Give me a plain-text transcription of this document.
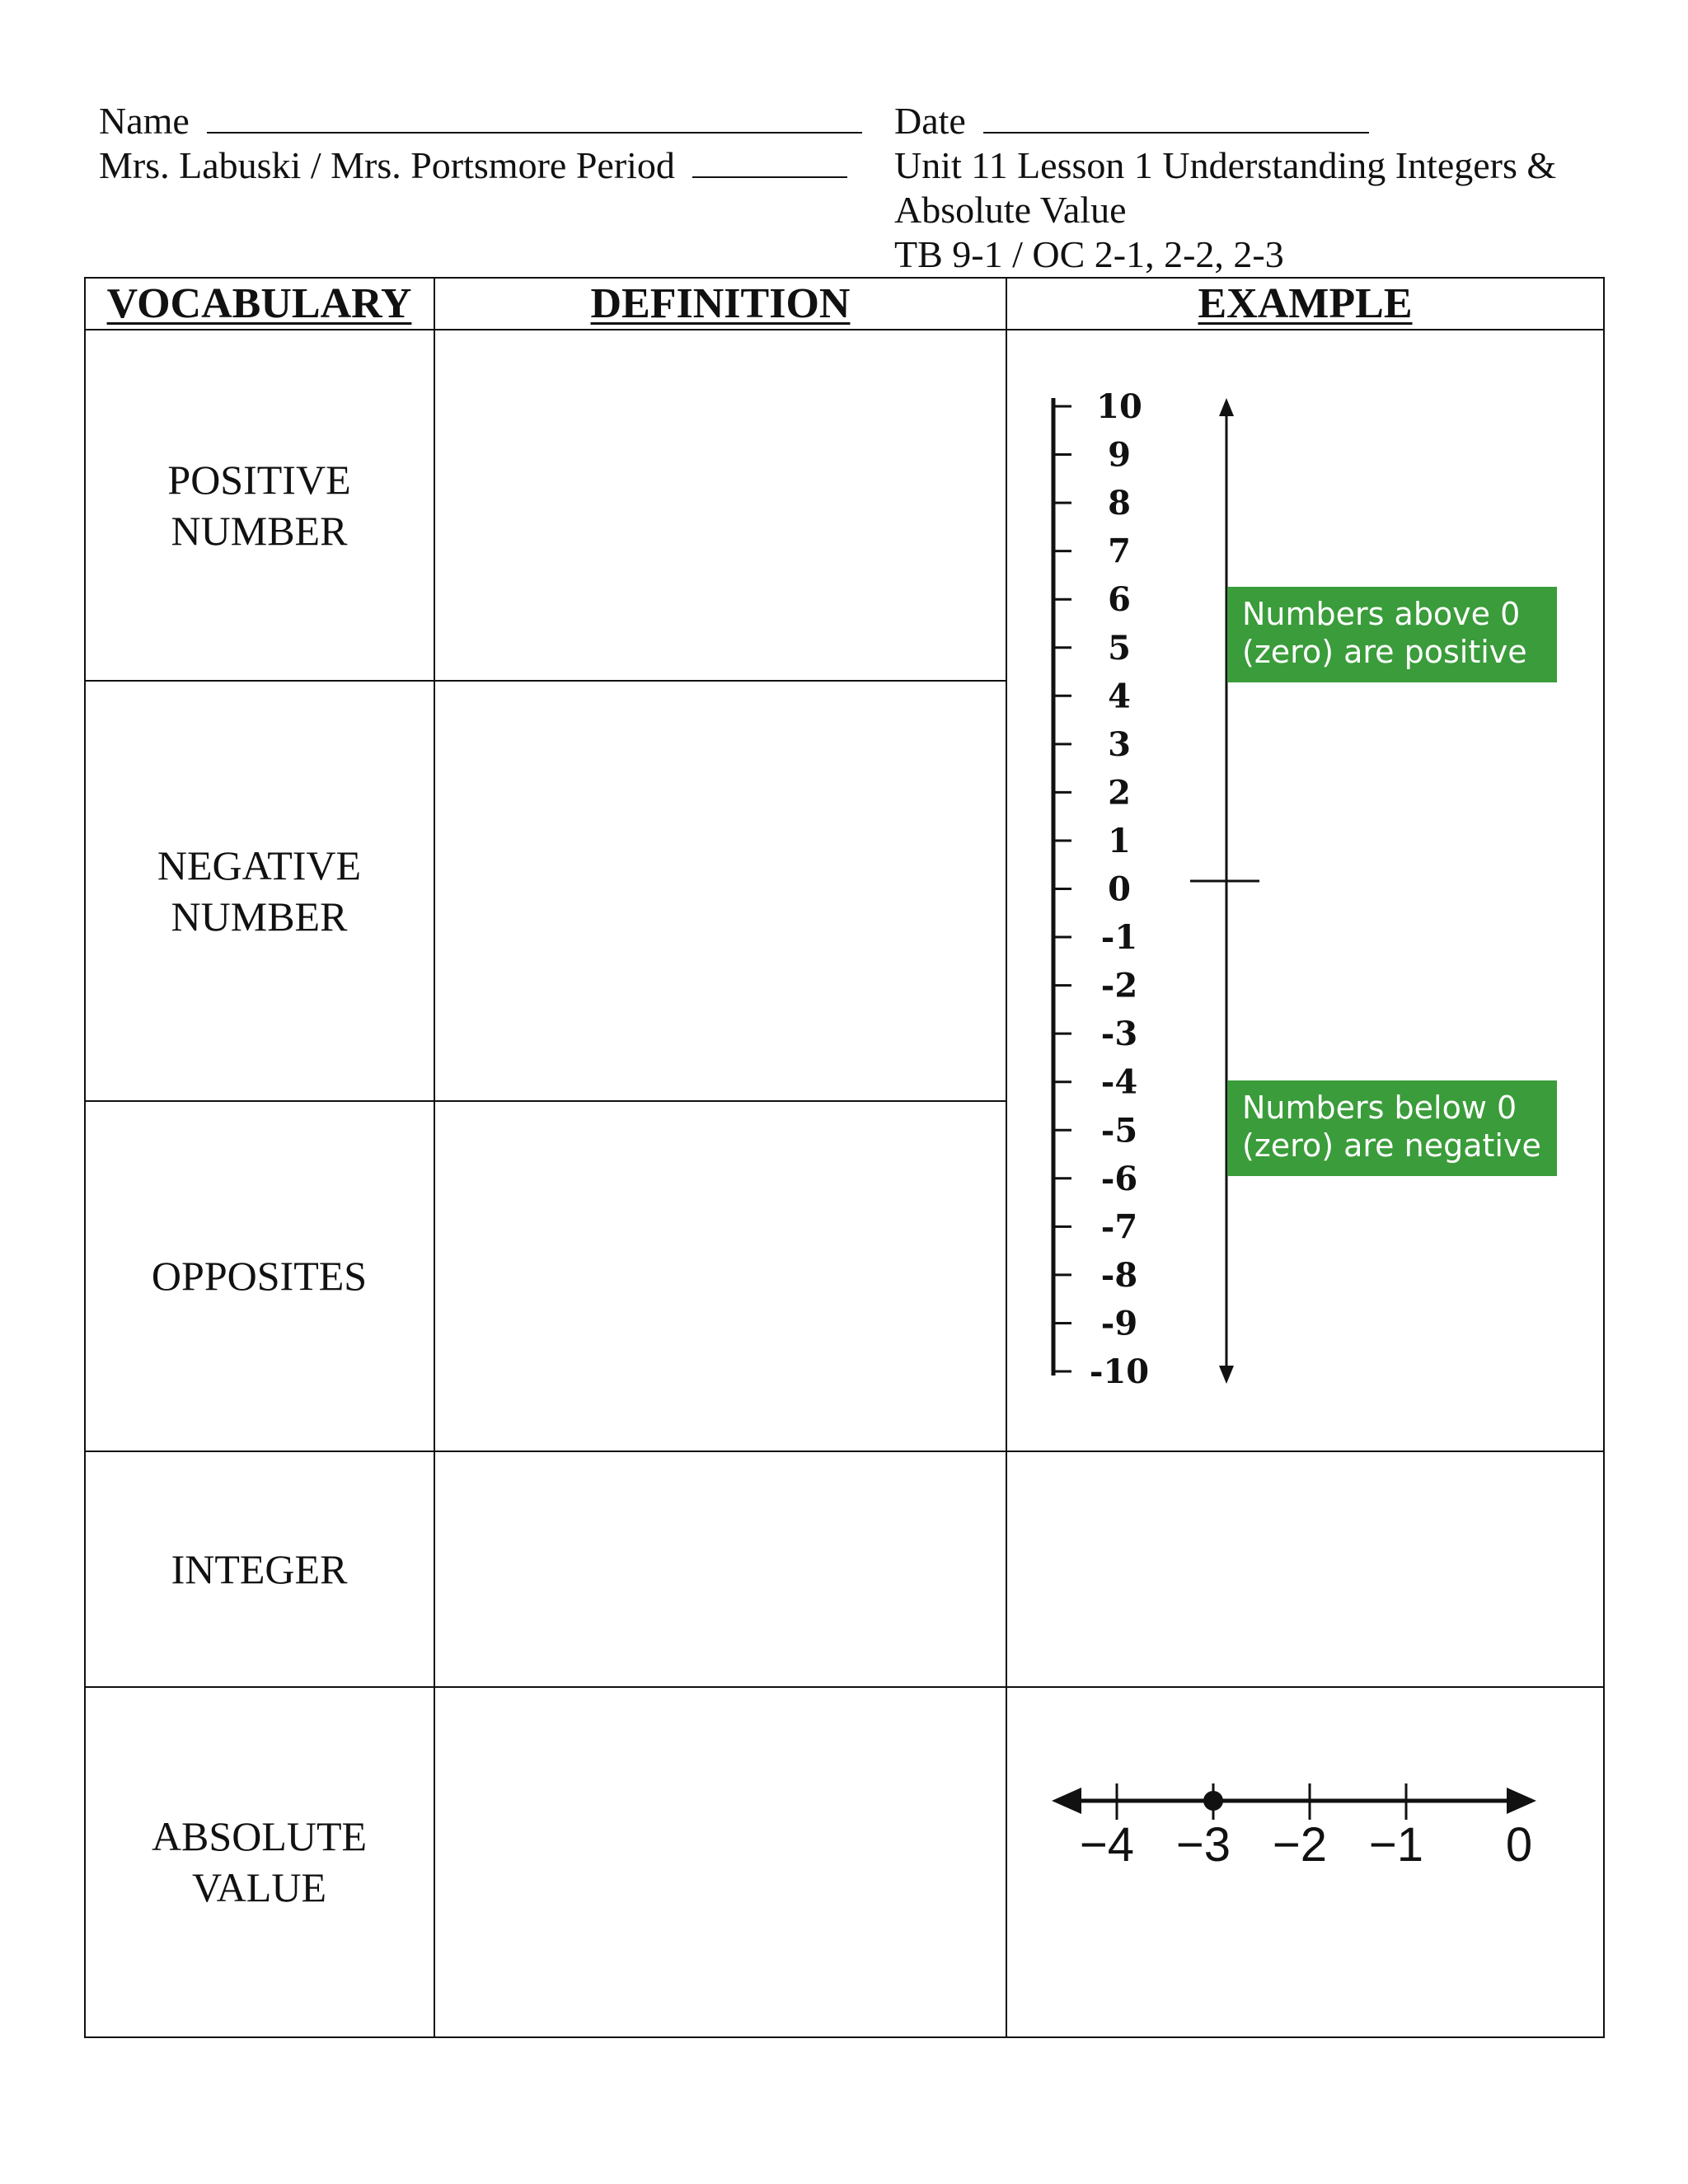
Name
Mrs. Labuski / Mrs. Portsmore Period
Date
Unit 11 Lesson 1 Understanding Integers &
Absolute Value
TB 9-1 / OC 2-1, 2-2, 2-3
VOCABULARY	DEFINITION	EXAMPLE
POSITIVE
NUMBER
NEGATIVE
NUMBER
OPPOSITES
INTEGER
ABSOLUTE
VALUE
10
9
8
7
6
5
4
3
2
1
0
-1
-2
-3
-4
-5
-6
-7
-8
-9
-10
Numbers above 0
(zero) are positive
Numbers below 0
(zero) are negative
−4 −3 −2 −1 0
